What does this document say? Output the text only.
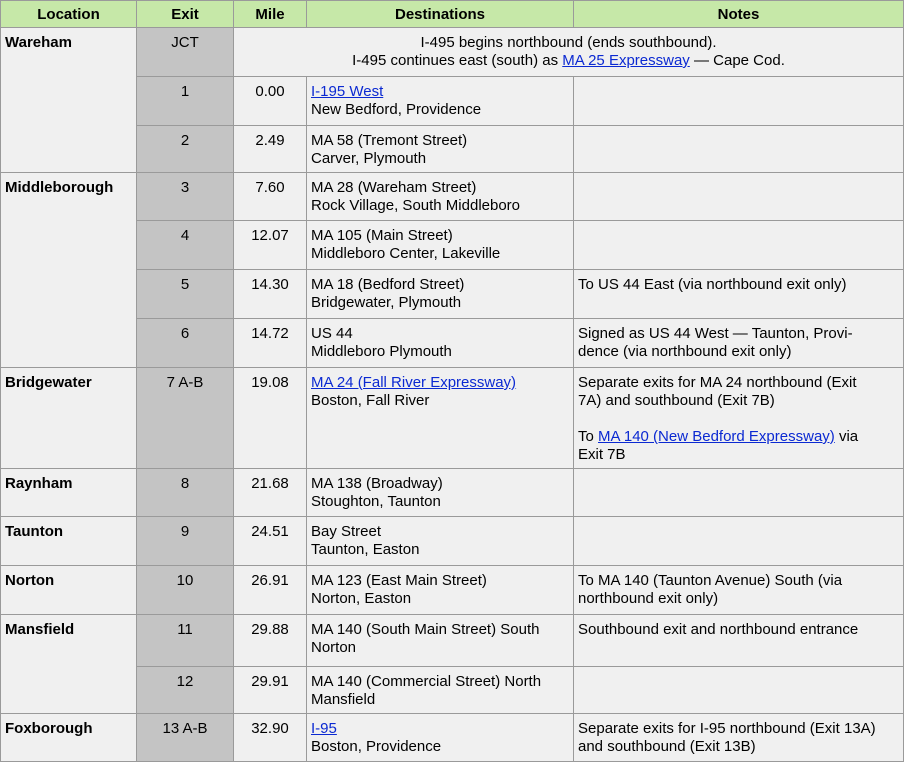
Location	Exit	Mile	Destinations	Notes
Wareham	JCT	I-495 begins northbound (ends southbound).
I-495 continues east (south) as MA 25 Expressway — Cape Cod.		

	1	0.00	I-195 West
New Bedford, Providence	

	2	2.49	MA 58 (Tremont Street)
Carver, Plymouth	

Middleborough	3	7.60	MA 28 (Wareham Street)
Rock Village, South Middleboro	

	4	12.07	MA 105 (Main Street)
Middleboro Center, Lakeville	

	5	14.30	MA 18 (Bedford Street)
Bridgewater, Plymouth	To US 44 East (via northbound exit only)
	6	14.72	US 44
Middleboro Plymouth	Signed as US 44 West — Taunton, Provi-
dence (via northbound exit only)

Bridgewater	7 A-B	19.08	MA 24 (Fall River Expressway)
Boston, Fall River	Separate exits for MA 24 northbound (Exit
7A) and southbound (Exit 7B)
To MA 140 (New Bedford Expressway) via
Exit 7B

Raynham	8	21.68	MA 138 (Broadway)
Stoughton, Taunton	

Taunton	9	24.51	Bay Street
Taunton, Easton	

Norton	10	26.91	MA 123 (East Main Street)
Norton, Easton	To MA 140 (Taunton Avenue) South (via
northbound exit only)

Mansfield	11	29.88	MA 140 (South Main Street) South
Norton	Southbound exit and northbound entrance
	12	29.91	MA 140 (Commercial Street) North
Mansfield	

Foxborough	13 A-B	32.90	I-95
Boston, Providence	Separate exits for I-95 northbound (Exit 13A)
and southbound (Exit 13B)
